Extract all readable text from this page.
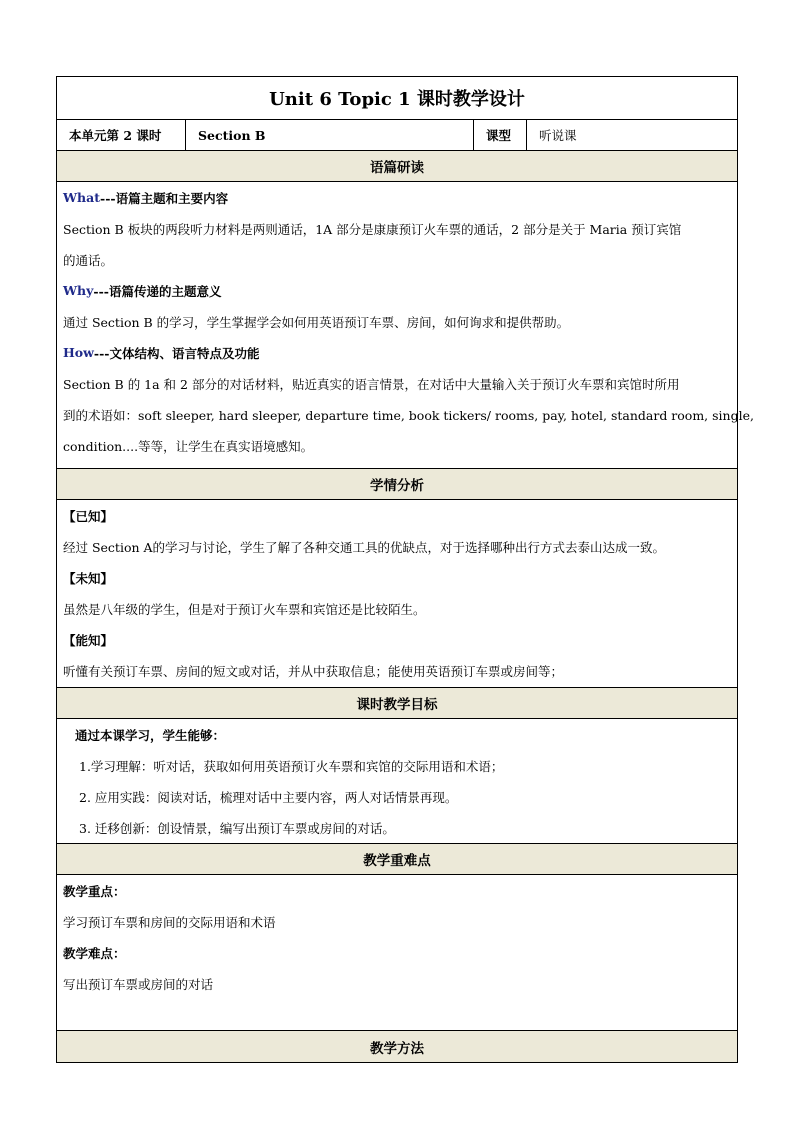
Unit 6 Topic 1 课时教学设计
本单元第 2 课时	Section B	课型	听说课
语篇研读
What ---语篇主题和主要内容
Section B 板块的两段听力材料是两则通话，1A 部分是康康预订火车票的通话，2 部分是关于 Maria 预订宾馆
的通话。
Why ---语篇传递的主题意义
通过 Section B 的学习，学生掌握学会如何用英语预订车票、房间，如何询求和提供帮助。
How ---文体结构、语言特点及功能
Section B 的 1a 和 2 部分的对话材料，贴近真实的语言情景，在对话中大量输入关于预订火车票和宾馆时所用
到的术语如：soft sleeper, hard sleeper, departure time, book tickers/ rooms, pay, hotel, standard room, single,
condition....等等，让学生在真实语境感知。
学情分析
【已知】
经过 Section A的学习与讨论，学生了解了各种交通工具的优缺点，对于选择哪种出行方式去泰山达成一致。
【未知】
虽然是八年级的学生，但是对于预订火车票和宾馆还是比较陌生。
【能知】
听懂有关预订车票、房间的短文或对话，并从中获取信息；能使用英语预订车票或房间等；
课时教学目标
通过本课学习，学生能够：
1.学习理解：听对话，获取如何用英语预订火车票和宾馆的交际用语和术语；
2. 应用实践：阅读对话，梳理对话中主要内容，两人对话情景再现。
3. 迁移创新：创设情景，编写出预订车票或房间的对话。
教学重难点
教学重点：
学习预订车票和房间的交际用语和术语
教学难点：
写出预订车票或房间的对话
教学方法
